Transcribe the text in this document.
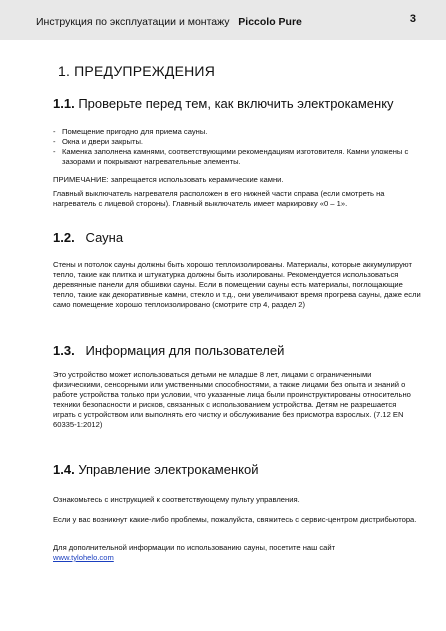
Инструкция по эксплуатации и монтажу Piccolo Pure	3
1. ПРЕДУПРЕЖДЕНИЯ
1.1. Проверьте перед тем, как включить электрокаменку
- Помещение пригодно для приема сауны.
- Окна и двери закрыты.
- Каменка заполнена камнями, соответствующими рекомендациям изготовителя. Камни уложены с зазорами и покрывают нагревательные элементы.
ПРИМЕЧАНИЕ: запрещается использовать керамические камни.
Главный выключатель нагревателя расположен в его нижней части справа (если смотреть на нагреватель с лицевой стороны). Главный выключатель имеет маркировку «0 – 1».
1.2. Сауна
Стены и потолок сауны должны быть хорошо теплоизолированы. Материалы, которые аккумулируют тепло, такие как плитка и штукатурка должны быть изолированы. Рекомендуется использоваться деревянные панели для обшивки сауны. Если в помещении сауны есть материалы, поглощающие тепло, такие как декоративные камни, стекло и т.д., они увеличивают время прогрева сауны, даже если само помещение хорошо теплоизолировано (смотрите стр 4, раздел 2)
1.3. Информация для пользователей
Это устройство может использоваться детьми не младше 8 лет, лицами с ограниченными физическими, сенсорными или умственными способностями, а также лицами без опыта и знаний о работе устройства только при условии, что указанные лица были проинструктированы относительно техники безопасности и рисков, связанных с использованием устройства. Детям не разрешается играть с устройством или выполнять его чистку и обслуживание без присмотра взрослых. (7.12 EN 60335-1:2012)
1.4. Управление электрокаменкой
Ознакомьтесь с инструкцией к соответствующему пульту управления.
Если у вас возникнут какие-либо проблемы, пожалуйста, свяжитесь с сервис-центром дистрибьютора.
Для дополнительной информации по использованию сауны, посетите наш сайт
www.tylohelo.com
